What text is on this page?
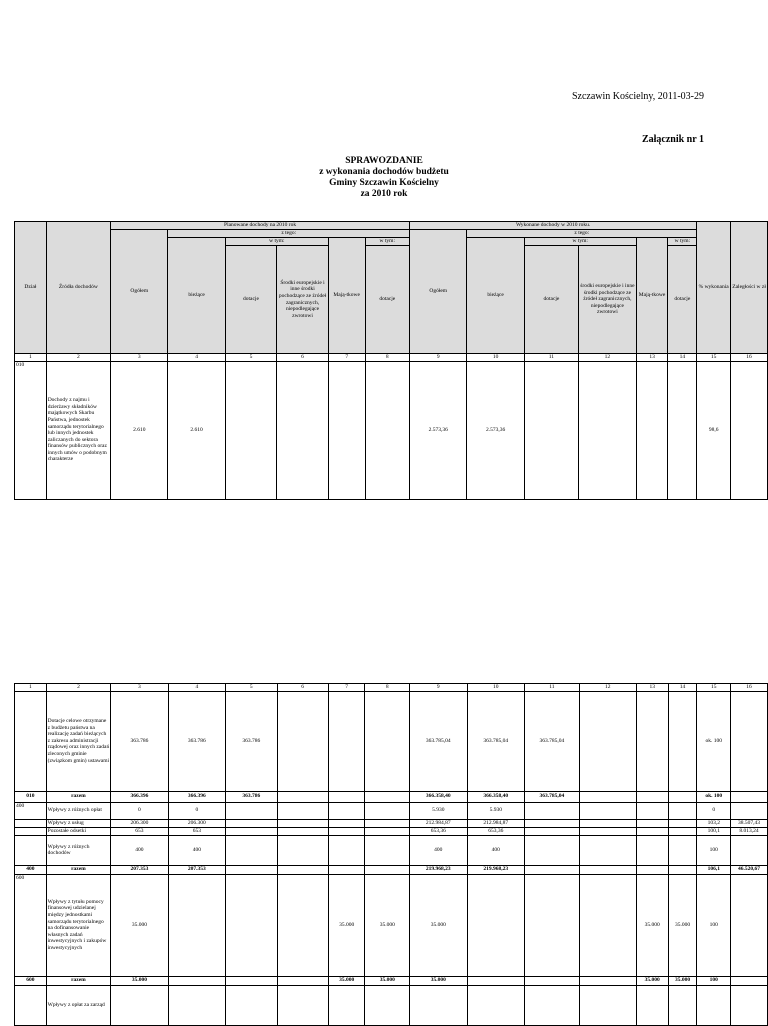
Szczawin Kościelny, 2011-03-29
Załącznik nr 1
SPRAWOZDANIE
z wykonania dochodów budżetu
Gminy Szczawin Kościelny
za 2010 rok
Dział	Źródła dochodów	Planowane dochody na 2010 rok						Wykonane dochody w 2010 roku.						% wykonania	Zaległości w zł
		Ogółem	z tego:					Ogółem	z tego:						
			bieżące	w tym:		Mają-tkowe	w tym:		bieżące	w tym:		Mają-tkowe	w tym:		
				dotacje	Środki europejskie i inne środki pochodzące ze źródeł zagranicznych, niepodlegające zwrotowi		dotacje			dotacje	środki europejskie i inne środki pochodzące ze źródeł zagranicznych, niepodlegające zwrotowi		dotacje		
1	2	3	4	5	6	7	8	9	10	11	12	13	14	15	16
010	Dochody z najmu i dzierżawy składników majątkowych Skarbu Państwa, jednostek samorządu terytorialnego lub innych jednostek zaliczanych do sektora finansów publicznych oraz innych umów o podobnym charakterze	2.610	2.610					2.573,36	2.573,36					98,6	
1	2	3	4	5	6	7	8	9	10	11	12	13	14	15	16
	Dotacje celowe otrzymane z budżetu państwa na realizację zadań bieżących z zakresu administracji rządowej oraz innych zadań zleconych gminie (związkom gmin) ustawami	363.786	363.786	363.786				363.785,04	363.785,04	363.785,04				ok. 100	
010	razem	366.396	366.396	363.786				366.358,40	366.358,40	363.785,04				ok. 100	
400	Wpływy z różnych opłat	0	0					5.930	5.930					0	
	Wpływy z usług	206.300	206.300					212.984,87	212.984,87					103,2	38.507,43
	Pozostałe odsetki	653	653					653,36	653,36					100,1	8.013,24
	Wpływy z różnych dochodów	400	400					400	400					100	
400	razem	207.353	207.353					219.968,23	219.968,23					106,1	46.520,67
600	Wpływy z tytułu pomocy finansowej udzielanej między jednostkami samorządu terytorialnego na dofinansowanie własnych zadań inwestycyjnych i zakupów inwestycyjnych	35.000				35.000	35.000	35.000				35.000	35.000	100	
600	razem	35.000				35.000	35.000	35.000				35.000	35.000	100	
	Wpływy z opłat za zarząd														
